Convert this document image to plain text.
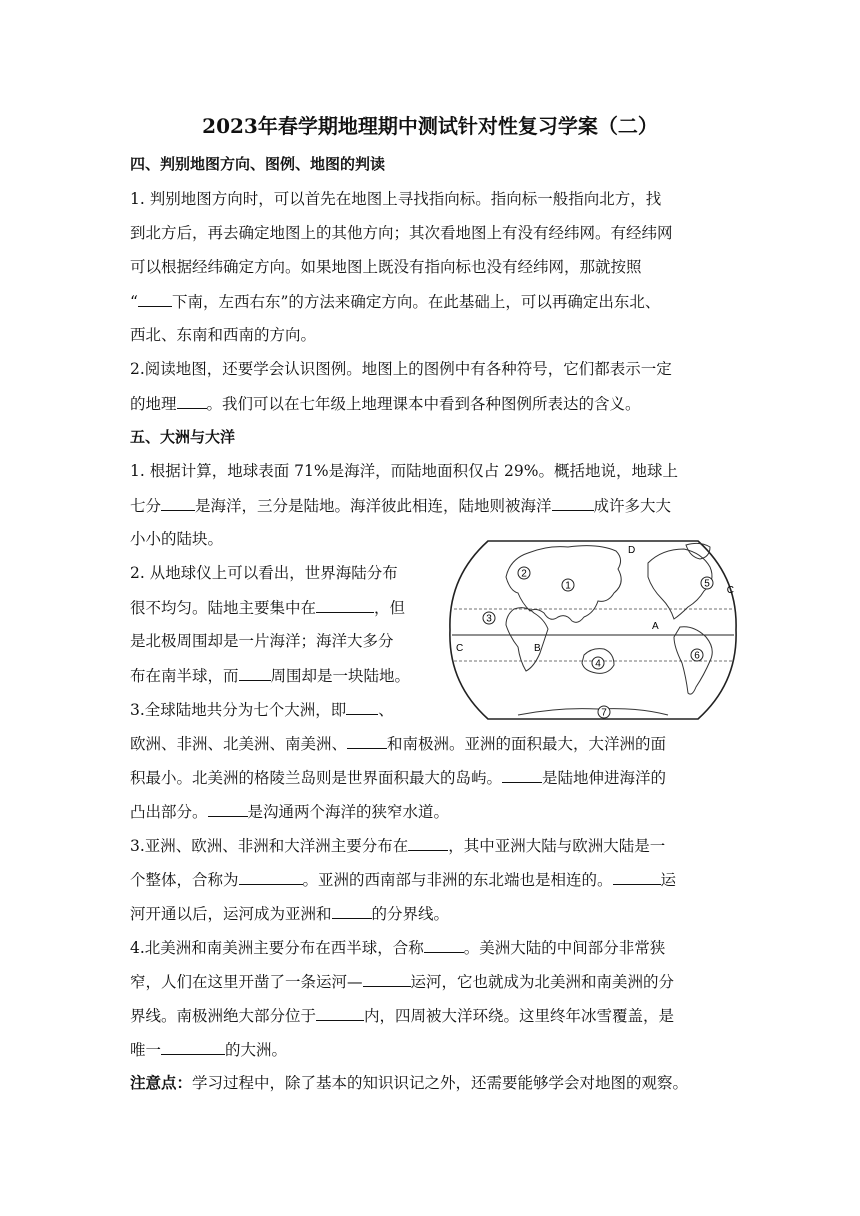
2023年春学期地理期中测试针对性复习学案（二）
四、判别地图方向、图例、地图的判读
1. 判别地图方向时，可以首先在地图上寻找指向标。指向标一般指向北方，找
到北方后，再去确定地图上的其他方向；其次看地图上有没有经纬网。有经纬网
可以根据经纬确定方向。如果地图上既没有指向标也没有经纬网，那就按照
“ 下南，左西右东”的方法来确定方向。在此基础上，可以再确定出东北、
西北、东南和西南的方向。
2.阅读地图，还要学会认识图例。地图上的图例中有各种符号，它们都表示一定
的地理 。我们可以在七年级上地理课本中看到各种图例所表达的含义。
五、大洲与大洋
1. 根据计算，地球表面 71%是海洋，而陆地面积仅占 29%。概括地说，地球上
七分 是海洋，三分是陆地。海洋彼此相连，陆地则被海洋	成许多大大
小小的陆块。
2. 从地球仪上可以看出，世界海陆分布
很不均匀。陆地主要集中在	，但
是北极周围却是一片海洋；海洋大多分
布在南半球，而 周围却是一块陆地。
3.全球陆地共分为七个大洲，即 、
欧洲、非洲、北美洲、南美洲、	和南极洲。亚洲的面积最大，大洋洲的面
积最小。北美洲的格陵兰岛则是世界面积最大的岛屿。	是陆地伸进海洋的
凸出部分。	是沟通两个海洋的狭窄水道。
3.亚洲、欧洲、非洲和大洋洲主要分布在	，其中亚洲大陆与欧洲大陆是一
个整体，合称为	。亚洲的西南部与非洲的东北端也是相连的。	运
河开通以后，运河成为亚洲和	的分界线。
4.北美洲和南美洲主要分布在西半球，合称	。美洲大陆的中间部分非常狭
窄，人们在这里开凿了一条运河—	运河，它也就成为北美洲和南美洲的分
界线。南极洲绝大部分位于	内，四周被大洋环绕。这里终年冰雪覆盖，是
唯一	的大洲。
注意点：学习过程中，除了基本的知识识记之外，还需要能够学会对地图的观察。
1
2
3
4
5
6
7
A
B
C
C
D
